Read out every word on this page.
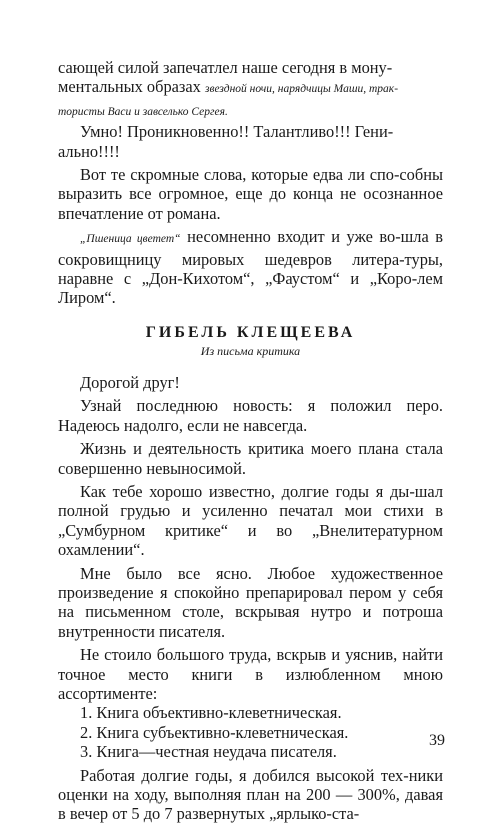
сающей силой запечатлел наше сегодня в мону-

ментальных образах звездной ночи, нарядчицы Маши, трак-

тористы Васи и завселько Сергея.

Умно! Проникновенно!! Талантливо!!! Гени-

ально!!!!

Вот те скромные слова, которые едва ли спо-собны выразить все огромное, еще до конца не осознанное впечатление от романа.

„Пшеница цветет“ несомненно входит и уже во-шла в сокровищницу мировых шедевров литера-туры, наравне с „Дон-Кихотом“, „Фаустом“ и „Коро-лем Лиром“.

ГИБЕЛЬ КЛЕЩЕЕВА
Из письма критика

Дорогой друг!

Узнай последнюю новость: я положил перо. Надеюсь надолго, если не навсегда.

Жизнь и деятельность критика моего плана стала совершенно невыносимой.

Как тебе хорошо известно, долгие годы я ды-шал полной грудью и усиленно печатал мои стихи в „Сумбурном критике“ и во „Внелитературном охамлении“.

Мне было все ясно. Любое художественное произведение я спокойно препарировал пером у себя на письменном столе, вскрывая нутро и потроша внутренности писателя.

Не стоило большого труда, вскрыв и уяснив, найти точное место книги в излюбленном мною ассортименте:

1. Книга объективно-клеветническая.

2. Книга субъективно-клеветническая.

3. Книга—честная неудача писателя.

Работая долгие годы, я добился высокой тех-ники оценки на ходу, выполняя план на 200 — 300%, давая в вечер от 5 до 7 развернутых „ярлыко-ста-

39
